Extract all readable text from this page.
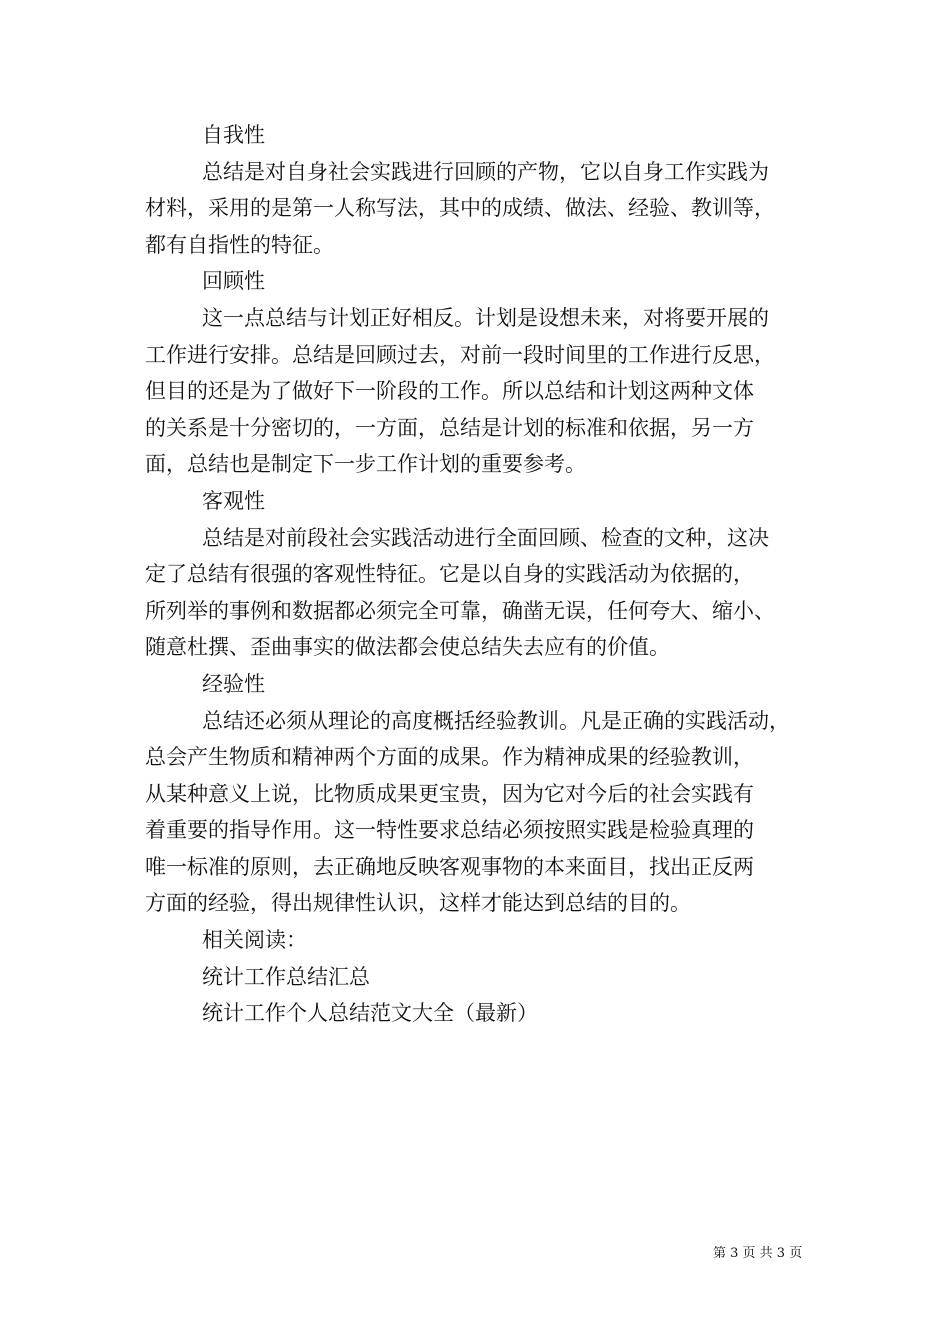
自我性
总结是对自身社会实践进行回顾的产物，它以自身工作实践为
材料，采用的是第一人称写法，其中的成绩、做法、经验、教训等，
都有自指性的特征。
回顾性
这一点总结与计划正好相反。计划是设想未来，对将要开展的
工作进行安排。总结是回顾过去，对前一段时间里的工作进行反思，
但目的还是为了做好下一阶段的工作。所以总结和计划这两种文体
的关系是十分密切的，一方面，总结是计划的标准和依据，另一方
面，总结也是制定下一步工作计划的重要参考。
客观性
总结是对前段社会实践活动进行全面回顾、检查的文种，这决
定了总结有很强的客观性特征。它是以自身的实践活动为依据的，
所列举的事例和数据都必须完全可靠，确凿无误，任何夸大、缩小、
随意杜撰、歪曲事实的做法都会使总结失去应有的价值。
经验性
总结还必须从理论的高度概括经验教训。凡是正确的实践活动，
总会产生物质和精神两个方面的成果。作为精神成果的经验教训，
从某种意义上说，比物质成果更宝贵，因为它对今后的社会实践有
着重要的指导作用。这一特性要求总结必须按照实践是检验真理的
唯一标准的原则，去正确地反映客观事物的本来面目，找出正反两
方面的经验，得出规律性认识，这样才能达到总结的目的。
相关阅读：
统计工作总结汇总
统计工作个人总结范文大全（最新）
第 3 页 共 3 页
